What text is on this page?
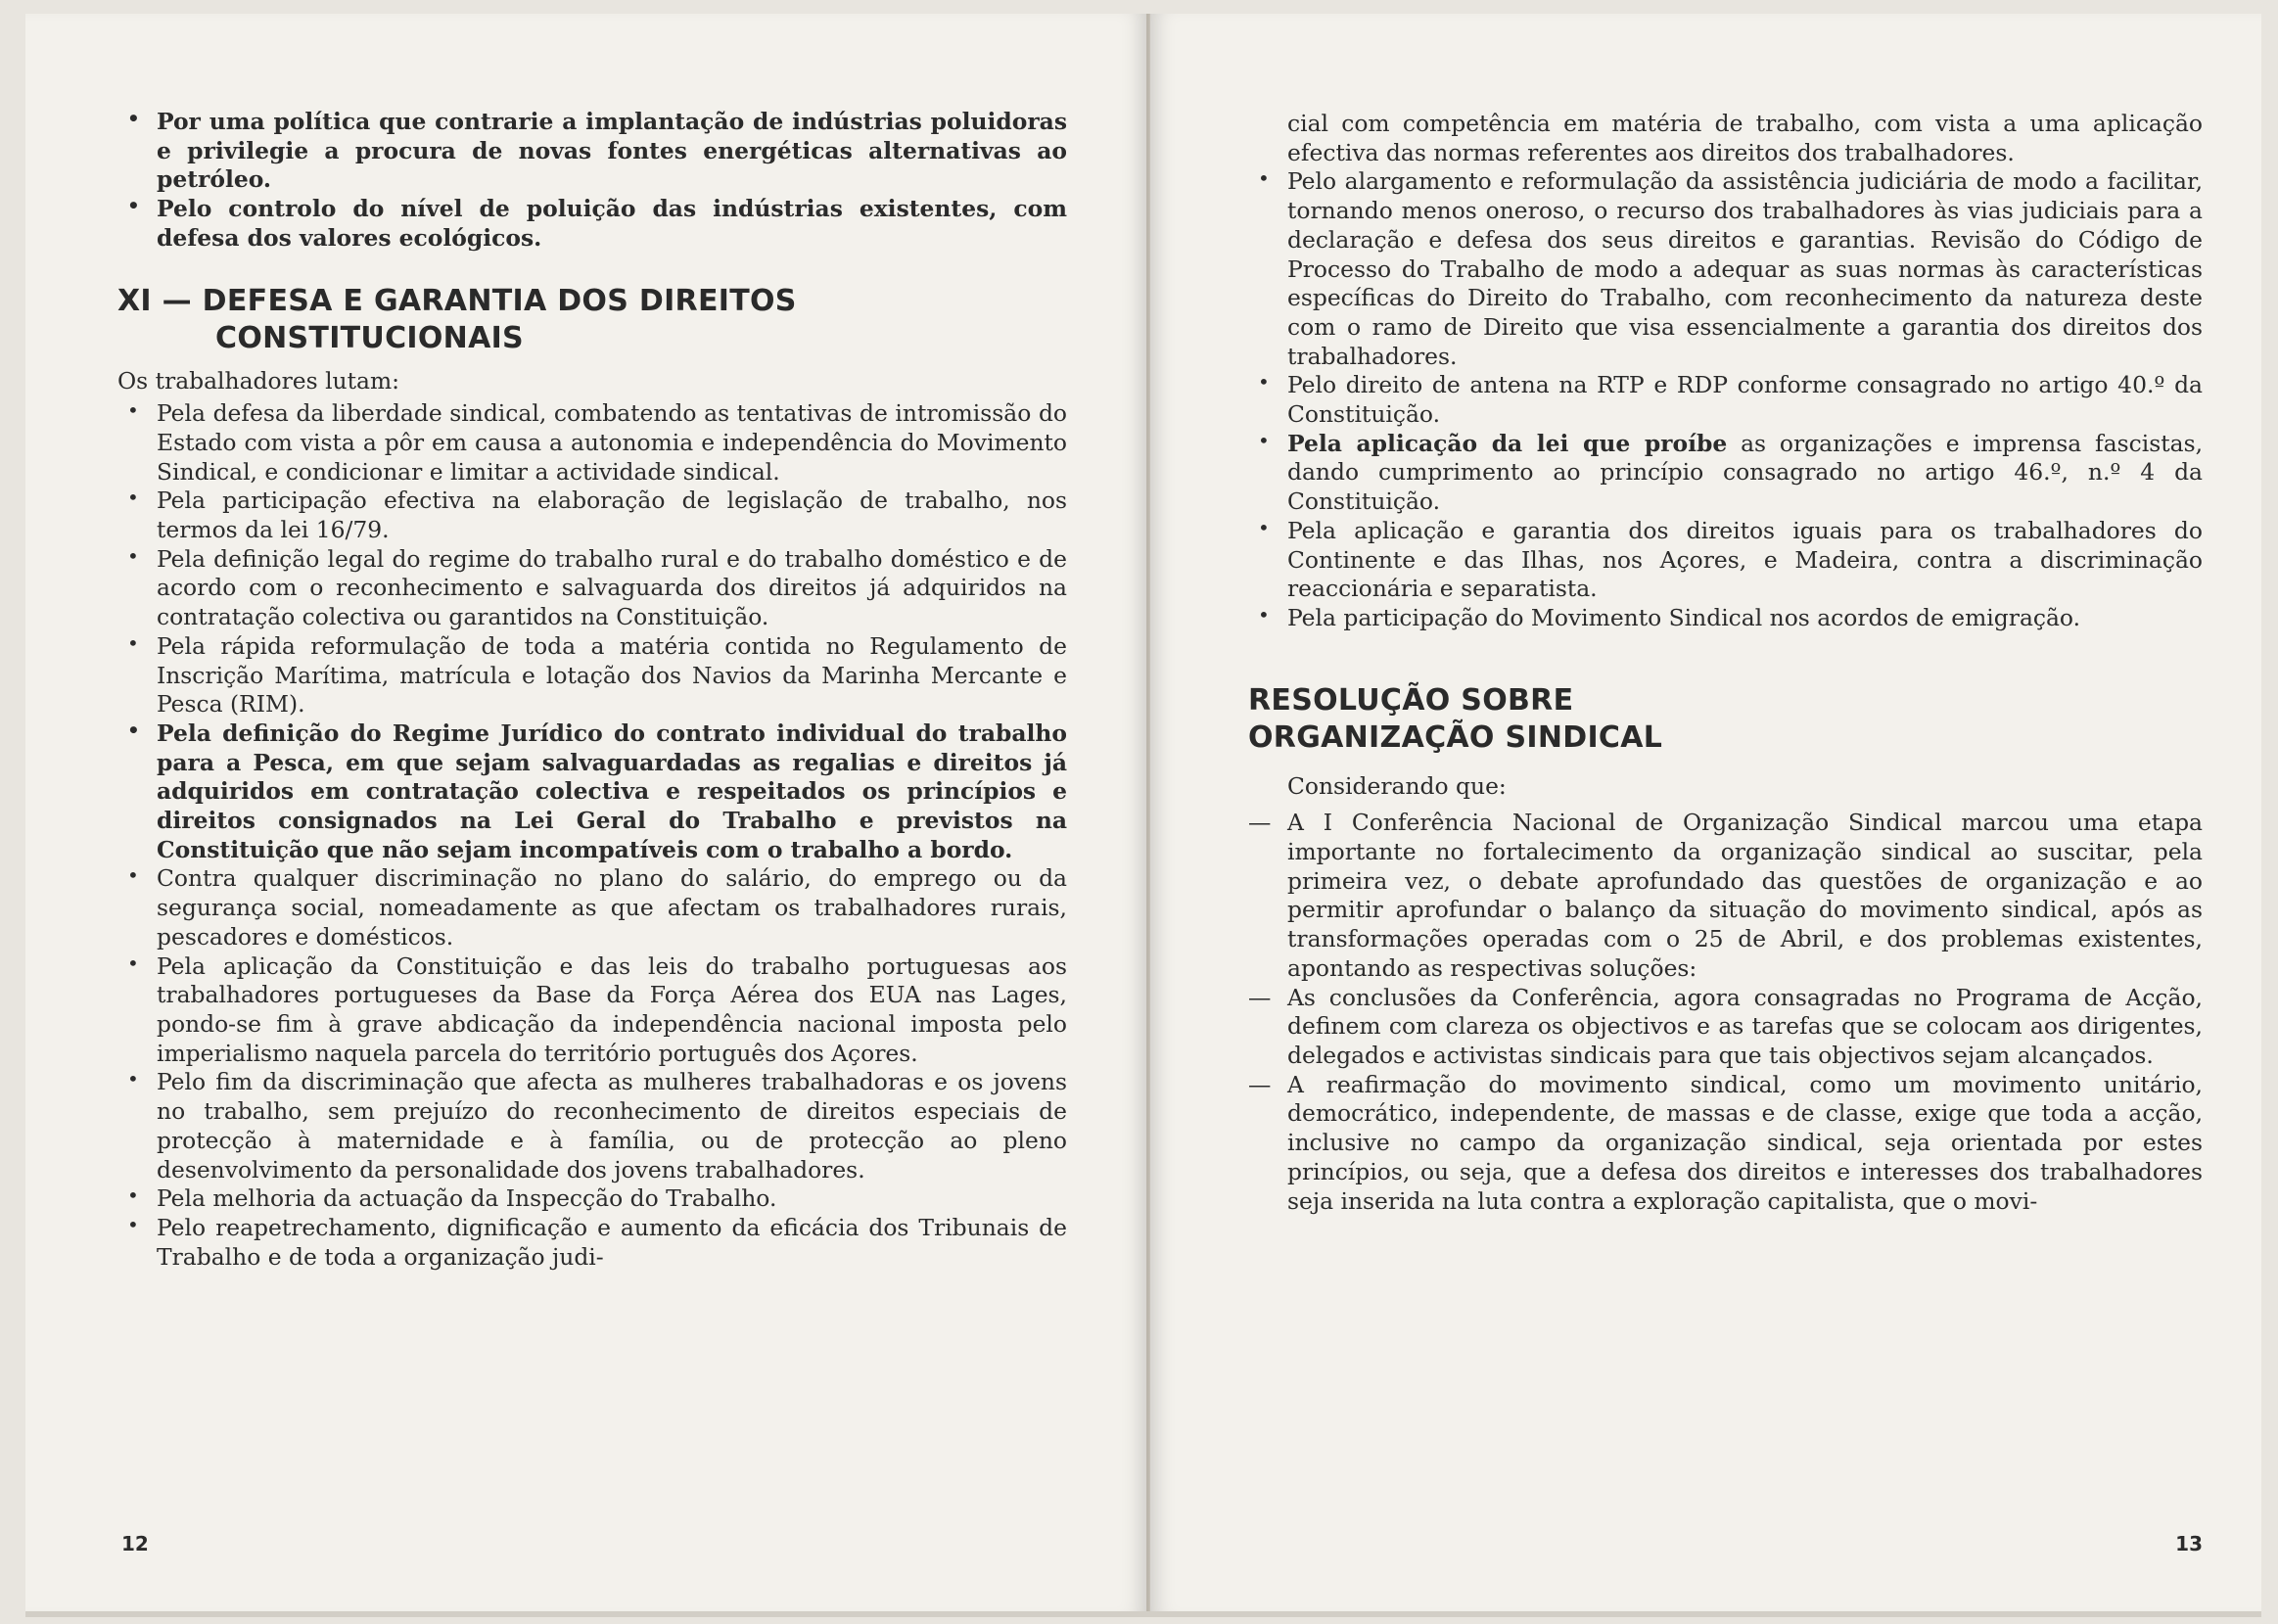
• Por uma política que contrarie a implantação de indústrias poluidoras e privilegie a procura de novas fontes energéticas alternativas ao petróleo.

• Pelo controlo do nível de poluição das indústrias existentes, com defesa dos valores ecológicos.

XI — DEFESA E GARANTIA DOS DIREITOS
CONSTITUCIONAIS

Os trabalhadores lutam:

• Pela defesa da liberdade sindical, combatendo as tentativas de intromissão do Estado com vista a pôr em causa a autonomia e independência do Movimento Sindical, e condicionar e limitar a actividade sindical.

• Pela participação efectiva na elaboração de legislação de trabalho, nos termos da lei 16/79.

• Pela definição legal do regime do trabalho rural e do trabalho doméstico e de acordo com o reconhecimento e salvaguarda dos direitos já adquiridos na contratação colectiva ou garantidos na Constituição.

• Pela rápida reformulação de toda a matéria contida no Regulamento de Inscrição Marítima, matrícula e lotação dos Navios da Marinha Mercante e Pesca (RIM).

• Pela definição do Regime Jurídico do contrato individual do trabalho para a Pesca, em que sejam salvaguardadas as regalias e direitos já adquiridos em contratação colectiva e respeitados os princípios e direitos consignados na Lei Geral do Trabalho e previstos na Constituição que não sejam incompatíveis com o trabalho a bordo.

• Contra qualquer discriminação no plano do salário, do emprego ou da segurança social, nomeadamente as que afectam os trabalhadores rurais, pescadores e domésticos.

• Pela aplicação da Constituição e das leis do trabalho portuguesas aos trabalhadores portugueses da Base da Força Aérea dos EUA nas Lages, pondo-se fim à grave abdicação da independência nacional imposta pelo imperialismo naquela parcela do território português dos Açores.

• Pelo fim da discriminação que afecta as mulheres trabalhadoras e os jovens no trabalho, sem prejuízo do reconhecimento de direitos especiais de protecção à maternidade e à família, ou de protecção ao pleno desenvolvimento da personalidade dos jovens trabalhadores.

• Pela melhoria da actuação da Inspecção do Trabalho.

• Pelo reapetrechamento, dignificação e aumento da eficácia dos Tribunais de Trabalho e de toda a organização judi-

12

cial com competência em matéria de trabalho, com vista a uma aplicação efectiva das normas referentes aos direitos dos trabalhadores.

• Pelo alargamento e reformulação da assistência judiciária de modo a facilitar, tornando menos oneroso, o recurso dos trabalhadores às vias judiciais para a declaração e defesa dos seus direitos e garantias. Revisão do Código de Processo do Trabalho de modo a adequar as suas normas às características específicas do Direito do Trabalho, com reconhecimento da natureza deste com o ramo de Direito que visa essencialmente a garantia dos direitos dos trabalhadores.

• Pelo direito de antena na RTP e RDP conforme consagrado no artigo 40.º da Constituição.

• Pela aplicação da lei que proíbe as organizações e imprensa fascistas, dando cumprimento ao princípio consagrado no artigo 46.º, n.º 4 da Constituição.

• Pela aplicação e garantia dos direitos iguais para os trabalhadores do Continente e das Ilhas, nos Açores, e Madeira, contra a discriminação reaccionária e separatista.

• Pela participação do Movimento Sindical nos acordos de emigração.

RESOLUÇÃO SOBRE
ORGANIZAÇÃO SINDICAL

Considerando que:

— A I Conferência Nacional de Organização Sindical marcou uma etapa importante no fortalecimento da organização sindical ao suscitar, pela primeira vez, o debate aprofundado das questões de organização e ao permitir aprofundar o balanço da situação do movimento sindical, após as transformações operadas com o 25 de Abril, e dos problemas existentes, apontando as respectivas soluções:

— As conclusões da Conferência, agora consagradas no Programa de Acção, definem com clareza os objectivos e as tarefas que se colocam aos dirigentes, delegados e activistas sindicais para que tais objectivos sejam alcançados.

— A reafirmação do movimento sindical, como um movimento unitário, democrático, independente, de massas e de classe, exige que toda a acção, inclusive no campo da organização sindical, seja orientada por estes princípios, ou seja, que a defesa dos direitos e interesses dos trabalhadores seja inserida na luta contra a exploração capitalista, que o movi-

13
